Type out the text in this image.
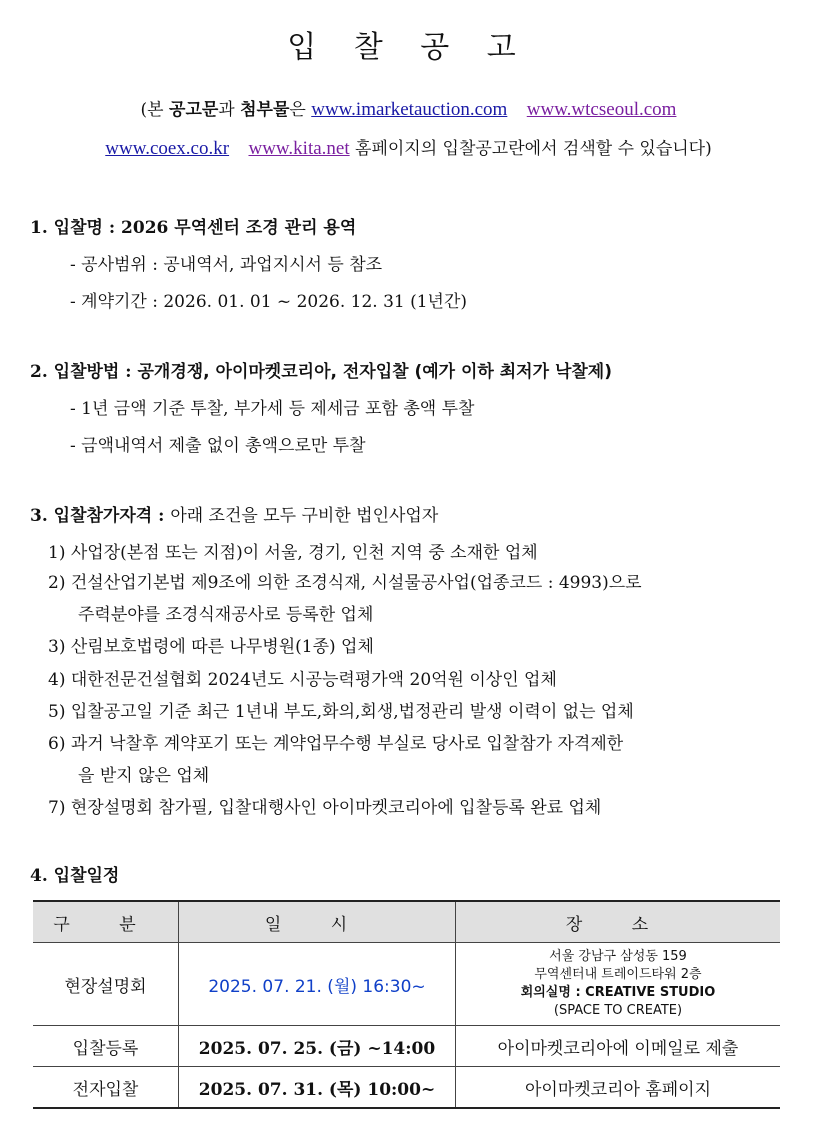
입 찰 공 고
(본 공고문과 첨부물은 www.imarketauction.com www.wtcseoul.com
www.coex.co.kr www.kita.net 홈페이지의 입찰공고란에서 검색할 수 있습니다)
1. 입찰명 : 2026 무역센터 조경 관리 용역
- 공사범위 : 공내역서, 과업지시서 등 참조
- 계약기간 : 2026. 01. 01 ~ 2026. 12. 31 (1년간)
2. 입찰방법 : 공개경쟁, 아이마켓코리아, 전자입찰 (예가 이하 최저가 낙찰제)
- 1년 금액 기준 투찰, 부가세 등 제세금 포함 총액 투찰
- 금액내역서 제출 없이 총액으로만 투찰
3. 입찰참가자격 : 아래 조건을 모두 구비한 법인사업자
1) 사업장(본점 또는 지점)이 서울, 경기, 인천 지역 중 소재한 업체
2) 건설산업기본법 제9조에 의한 조경식재, 시설물공사업(업종코드 : 4993)으로
주력분야를 조경식재공사로 등록한 업체
3) 산림보호법령에 따른 나무병원(1종) 업체
4) 대한전문건설협회 2024년도 시공능력평가액 20억원 이상인 업체
5) 입찰공고일 기준 최근 1년내 부도,화의,회생,법정관리 발생 이력이 없는 업체
6) 과거 낙찰후 계약포기 또는 계약업무수행 부실로 당사로 입찰참가 자격제한
을 받지 않은 업체
7) 현장설명회 참가필, 입찰대행사인 아이마켓코리아에 입찰등록 완료 업체
4. 입찰일정
구 분	일 시	장 소
현장설명회	2025. 07. 21. (월) 16:30~	서울 강남구 삼성동 159
무역센터내 트레이드타워 2층
회의실명 : CREATIVE STUDIO
(SPACE TO CREATE)

입찰등록	2025. 07. 25. (금) ~14:00	아이마켓코리아에 이메일로 제출
전자입찰	2025. 07. 31. (목) 10:00~	아이마켓코리아 홈페이지
